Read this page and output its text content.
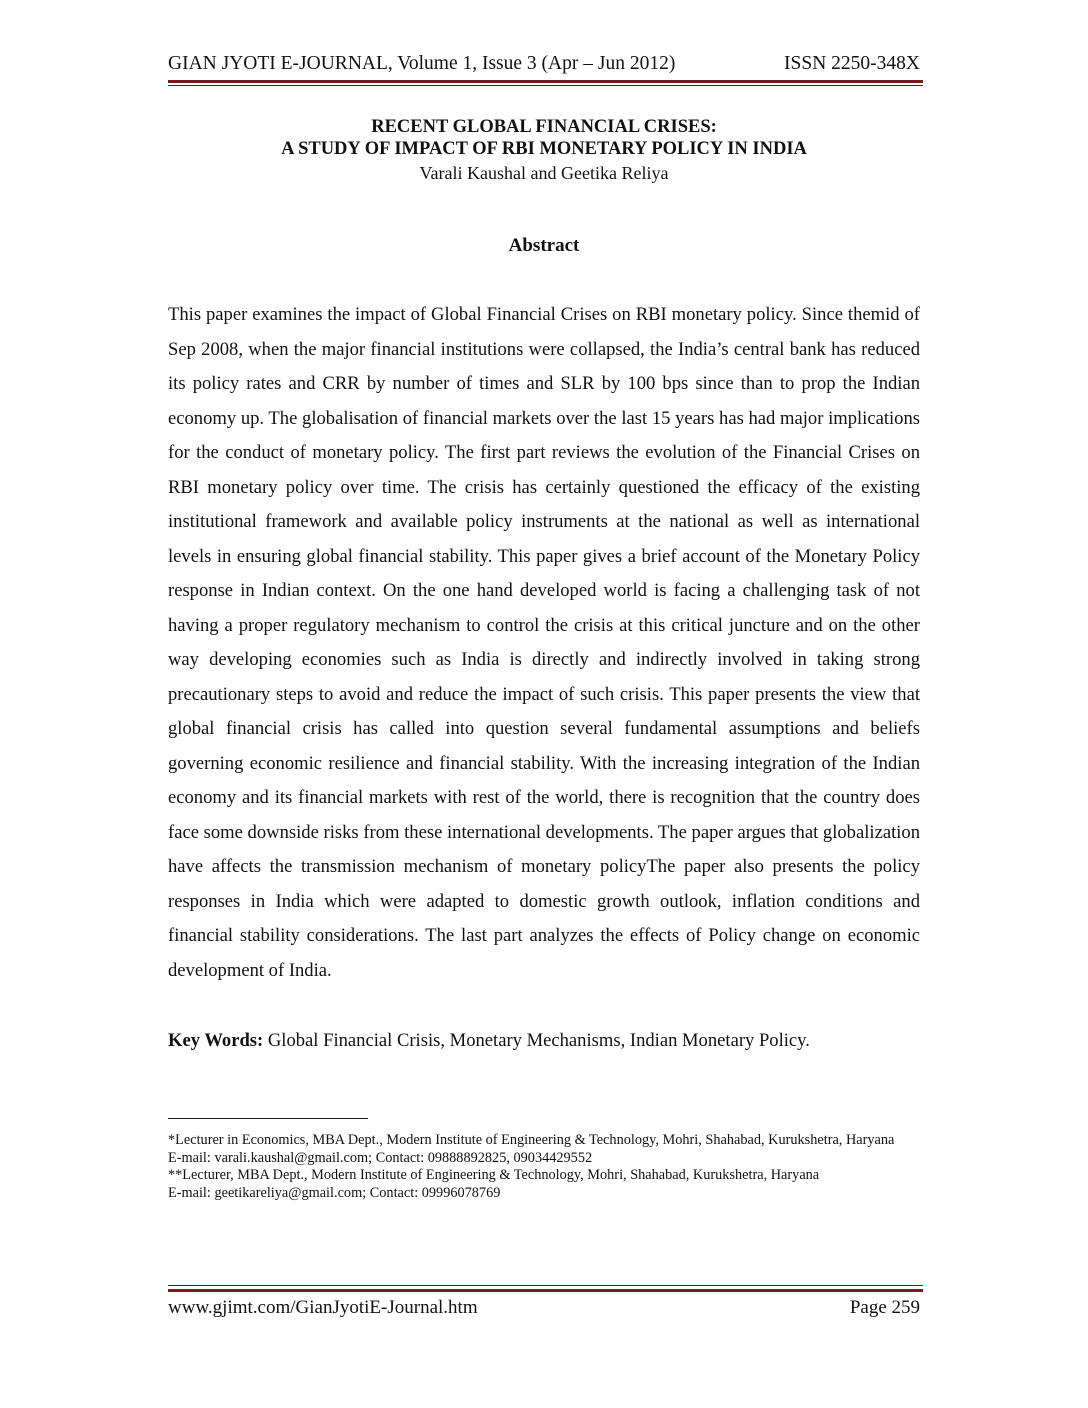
GIAN JYOTI E-JOURNAL, Volume 1, Issue 3 (Apr – Jun 2012)	ISSN 2250-348X
RECENT GLOBAL FINANCIAL CRISES:
A STUDY OF IMPACT OF RBI MONETARY POLICY IN INDIA
Varali Kaushal and Geetika Reliya
Abstract

This paper examines the impact of Global Financial Crises on RBI monetary policy. Since themid of Sep 2008, when the major financial institutions were collapsed, the India’s central bank has reduced its policy rates and CRR by number of times and SLR by 100 bps since than to prop the Indian economy up. The globalisation of financial markets over the last 15 years has had major implications for the conduct of monetary policy. The first part reviews the evolution of the Financial Crises on RBI monetary policy over time. The crisis has certainly questioned the efficacy of the existing institutional framework and available policy instruments at the national as well as international levels in ensuring global financial stability. This paper gives a brief account of the Monetary Policy response in Indian context. On the one hand developed world is facing a challenging task of not having a proper regulatory mechanism to control the crisis at this critical juncture and on the other way developing economies such as India is directly and indirectly involved in taking strong precautionary steps to avoid and reduce the impact of such crisis. This paper presents the view that global financial crisis has called into question several fundamental assumptions and beliefs governing economic resilience and financial stability. With the increasing integration of the Indian economy and its financial markets with rest of the world, there is recognition that the country does face some downside risks from these international developments. The paper argues that globalization have affects the transmission mechanism of monetary policyThe paper also presents the policy responses in India which were adapted to domestic growth outlook, inflation conditions and financial stability considerations. The last part analyzes the effects of Policy change on economic development of India.

Key Words: Global Financial Crisis, Monetary Mechanisms, Indian Monetary Policy.

*Lecturer in Economics, MBA Dept., Modern Institute of Engineering & Technology, Mohri, Shahabad, Kurukshetra, Haryana

E-mail: varali.kaushal@gmail.com; Contact: 09888892825, 09034429552

**Lecturer, MBA Dept., Modern Institute of Engineering & Technology, Mohri, Shahabad, Kurukshetra, Haryana

E-mail: geetikareliya@gmail.com; Contact: 09996078769

www.gjimt.com/GianJyotiE-Journal.htm	Page 259
